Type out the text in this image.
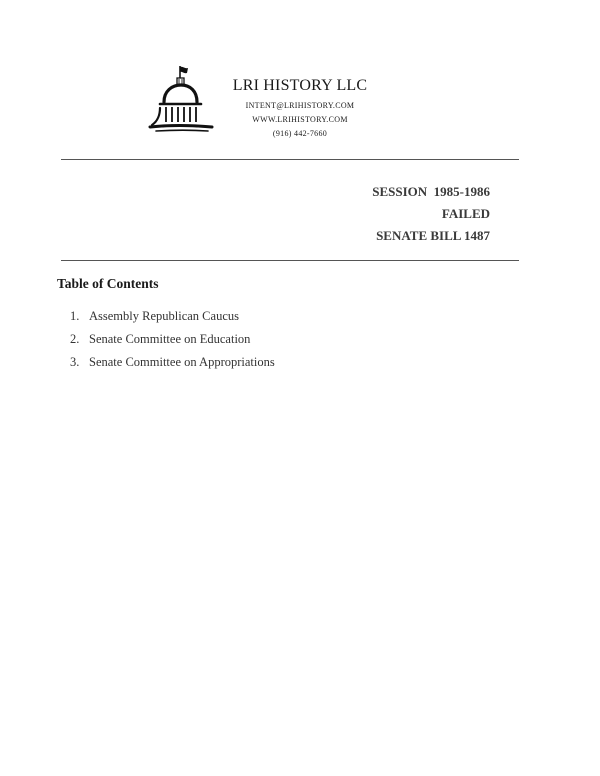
LRI HISTORY LLC
INTENT@LRIHISTORY.COM
WWW.LRIHISTORY.COM
(916) 442-7660
SESSION  1985-1986
FAILED
SENATE BILL 1487
Table of Contents
1. Assembly Republican Caucus
2. Senate Committee on Education
3. Senate Committee on Appropriations
